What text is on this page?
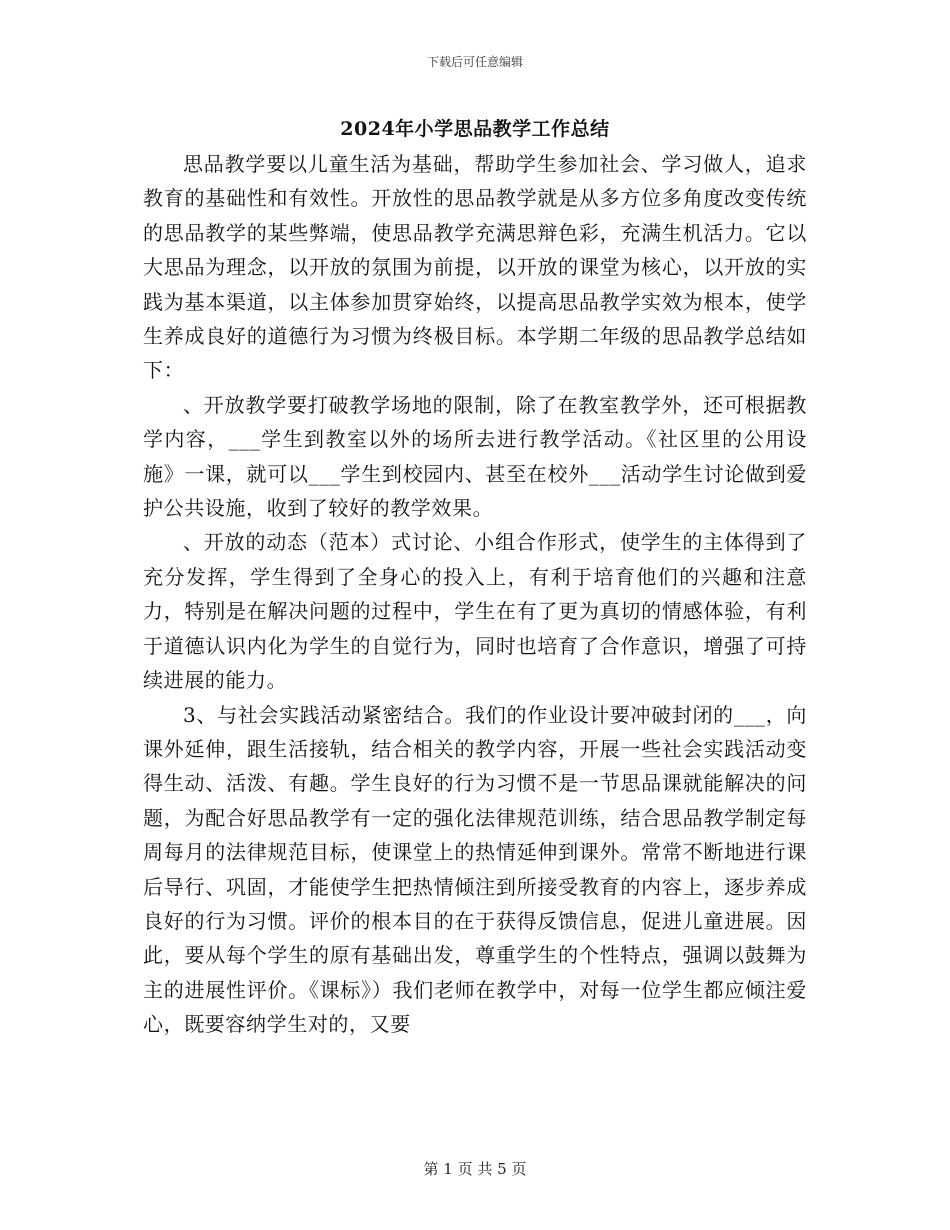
下载后可任意编辑
2024年小学思品教学工作总结

思品教学要以儿童生活为基础，帮助学生参加社会、学习做人，追求教育的基础性和有效性。开放性的思品教学就是从多方位多角度改变传统的思品教学的某些弊端，使思品教学充满思辩色彩，充满生机活力。它以大思品为理念，以开放的氛围为前提，以开放的课堂为核心，以开放的实践为基本渠道，以主体参加贯穿始终，以提高思品教学实效为根本，使学生养成良好的道德行为习惯为终极目标。本学期二年级的思品教学总结如下：

、开放教学要打破教学场地的限制，除了在教室教学外，还可根据教学内容，___学生到教室以外的场所去进行教学活动。《社区里的公用设施》一课，就可以___学生到校园内、甚至在校外___活动学生讨论做到爱护公共设施，收到了较好的教学效果。

、开放的动态（范本）式讨论、小组合作形式，使学生的主体得到了充分发挥，学生得到了全身心的投入上，有利于培育他们的兴趣和注意力，特别是在解决问题的过程中，学生在有了更为真切的情感体验，有利于道德认识内化为学生的自觉行为，同时也培育了合作意识，增强了可持续进展的能力。

3、与社会实践活动紧密结合。我们的作业设计要冲破封闭的___，向课外延伸，跟生活接轨，结合相关的教学内容，开展一些社会实践活动变得生动、活泼、有趣。学生良好的行为习惯不是一节思品课就能解决的问题，为配合好思品教学有一定的强化法律规范训练，结合思品教学制定每周每月的法律规范目标，使课堂上的热情延伸到课外。常常不断地进行课后导行、巩固，才能使学生把热情倾注到所接受教育的内容上，逐步养成良好的行为习惯。评价的根本目的在于获得反馈信息，促进儿童进展。因此，要从每个学生的原有基础出发，尊重学生的个性特点，强调以鼓舞为主的进展性评价。《课标》）我们老师在教学中，对每一位学生都应倾注爱心，既要容纳学生对的，又要

第 1 页 共 5 页
